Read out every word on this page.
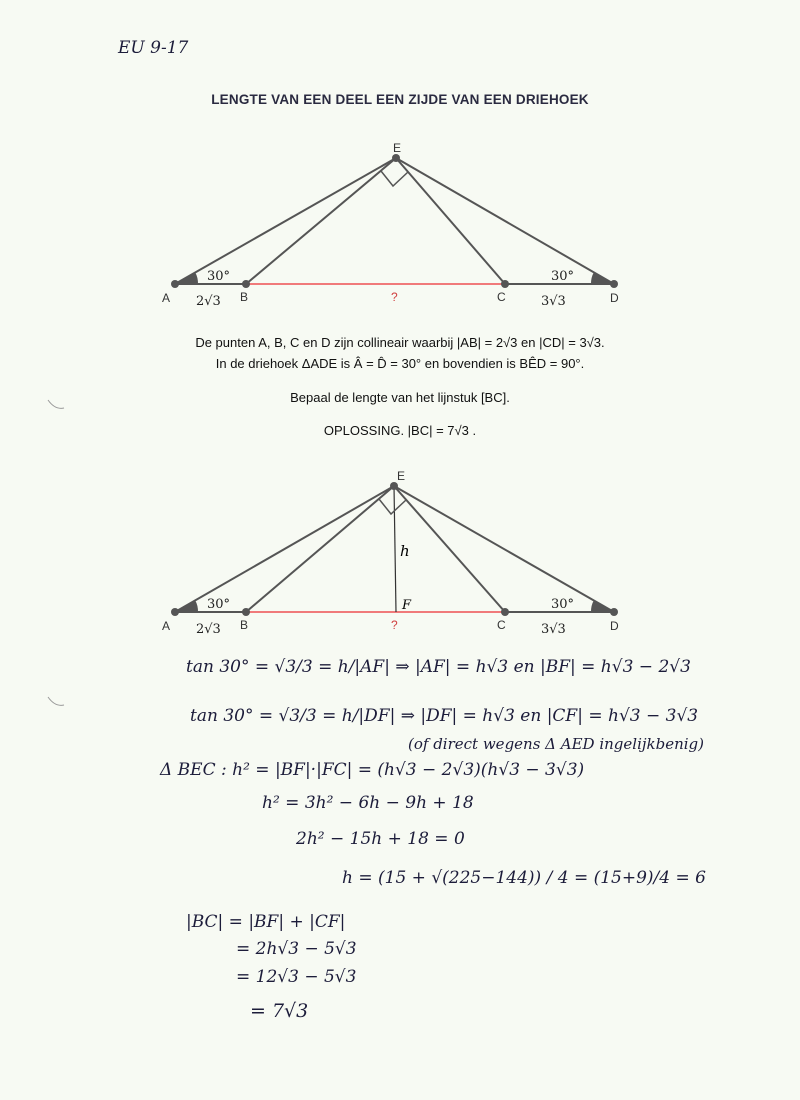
EU 9-17
LENGTE VAN EEN DEEL EEN ZIJDE VAN EEN DRIEHOEK
A	B	C	D
E
30°	30°
2√3	3√3
?
A	B	C	D
E
F
h
30°	30°
2√3	3√3
?
De punten A, B, C en D zijn collineair waarbij |AB| = 2√3 en |CD| = 3√3.
In de driehoek ΔADE is Â = D̂ = 30° en bovendien is BÊD = 90°.
Bepaal de lengte van het lijnstuk [BC].
OPLOSSING. |BC| = 7√3 .
tan 30° = √3/3 = h/|AF| ⇒ |AF| = h√3 en |BF| = h√3 − 2√3
tan 30° = √3/3 = h/|DF| ⇒ |DF| = h√3 en |CF| = h√3 − 3√3
(of direct wegens Δ AED ingelijkbenig)
Δ BEC : h² = |BF|·|FC| = (h√3 − 2√3)(h√3 − 3√3)
h² = 3h² − 6h − 9h + 18
2h² − 15h + 18 = 0
h = (15 + √(225−144)) / 4 = (15+9)/4 = 6
|BC| = |BF| + |CF|
= 2h√3 − 5√3
= 12√3 − 5√3
= 7√3
